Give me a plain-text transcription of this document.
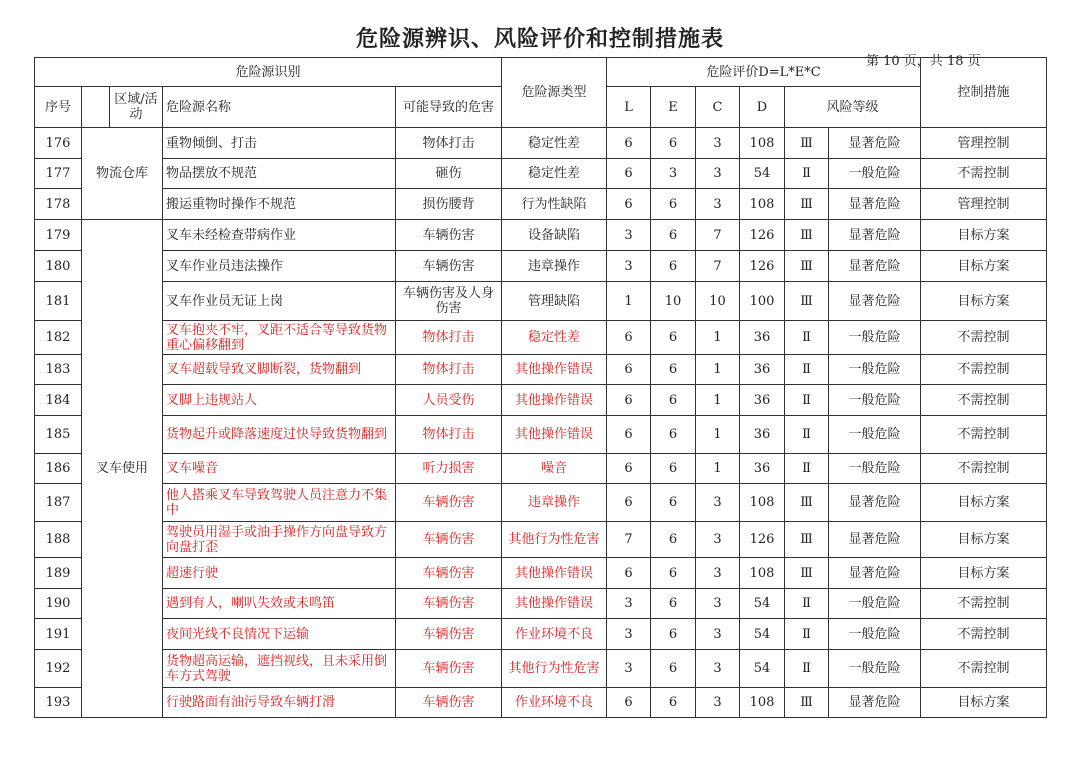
危险源辨识、风险评价和控制措施表
第 10 页，共 18 页
危险源识别					危险源类型	危险评价D=L*E*C						控制措施
序号		区域/活动	危险源名称	可能导致的危害		L	E	C	D	风险等级		
176	物流仓库		重物倾倒、打击	物体打击	稳定性差	6	6	3	108	Ⅲ	显著危险	管理控制
177			物品摆放不规范	砸伤	稳定性差	6	3	3	54	Ⅱ	一般危险	不需控制
178			搬运重物时操作不规范	损伤腰背	行为性缺陷	6	6	3	108	Ⅲ	显著危险	管理控制
179	叉车使用		叉车未经检查带病作业	车辆伤害	设备缺陷	3	6	7	126	Ⅲ	显著危险	目标方案
180			叉车作业员违法操作	车辆伤害	违章操作	3	6	7	126	Ⅲ	显著危险	目标方案
181			叉车作业员无证上岗	车辆伤害及人身伤害	管理缺陷	1	10	10	100	Ⅲ	显著危险	目标方案
182			叉车抱夹不牢，叉距不适合等导致货物重心偏移翻到	物体打击	稳定性差	6	6	1	36	Ⅱ	一般危险	不需控制
183			叉车超载导致叉脚断裂，货物翻到	物体打击	其他操作错误	6	6	1	36	Ⅱ	一般危险	不需控制
184			叉脚上违规站人	人员受伤	其他操作错误	6	6	1	36	Ⅱ	一般危险	不需控制
185			货物起升或降落速度过快导致货物翻到	物体打击	其他操作错误	6	6	1	36	Ⅱ	一般危险	不需控制
186			叉车噪音	听力损害	噪音	6	6	1	36	Ⅱ	一般危险	不需控制
187			他人搭乘叉车导致驾驶人员注意力不集中	车辆伤害	违章操作	6	6	3	108	Ⅲ	显著危险	目标方案
188			驾驶员用湿手或油手操作方向盘导致方向盘打歪	车辆伤害	其他行为性危害	7	6	3	126	Ⅲ	显著危险	目标方案
189			超速行驶	车辆伤害	其他操作错误	6	6	3	108	Ⅲ	显著危险	目标方案
190			遇到有人，喇叭失效或未鸣笛	车辆伤害	其他操作错误	3	6	3	54	Ⅱ	一般危险	不需控制
191			夜间光线不良情况下运输	车辆伤害	作业环境不良	3	6	3	54	Ⅱ	一般危险	不需控制
192			货物超高运输，遮挡视线，且未采用倒车方式驾驶	车辆伤害	其他行为性危害	3	6	3	54	Ⅱ	一般危险	不需控制
193			行驶路面有油污导致车辆打滑	车辆伤害	作业环境不良	6	6	3	108	Ⅲ	显著危险	目标方案
